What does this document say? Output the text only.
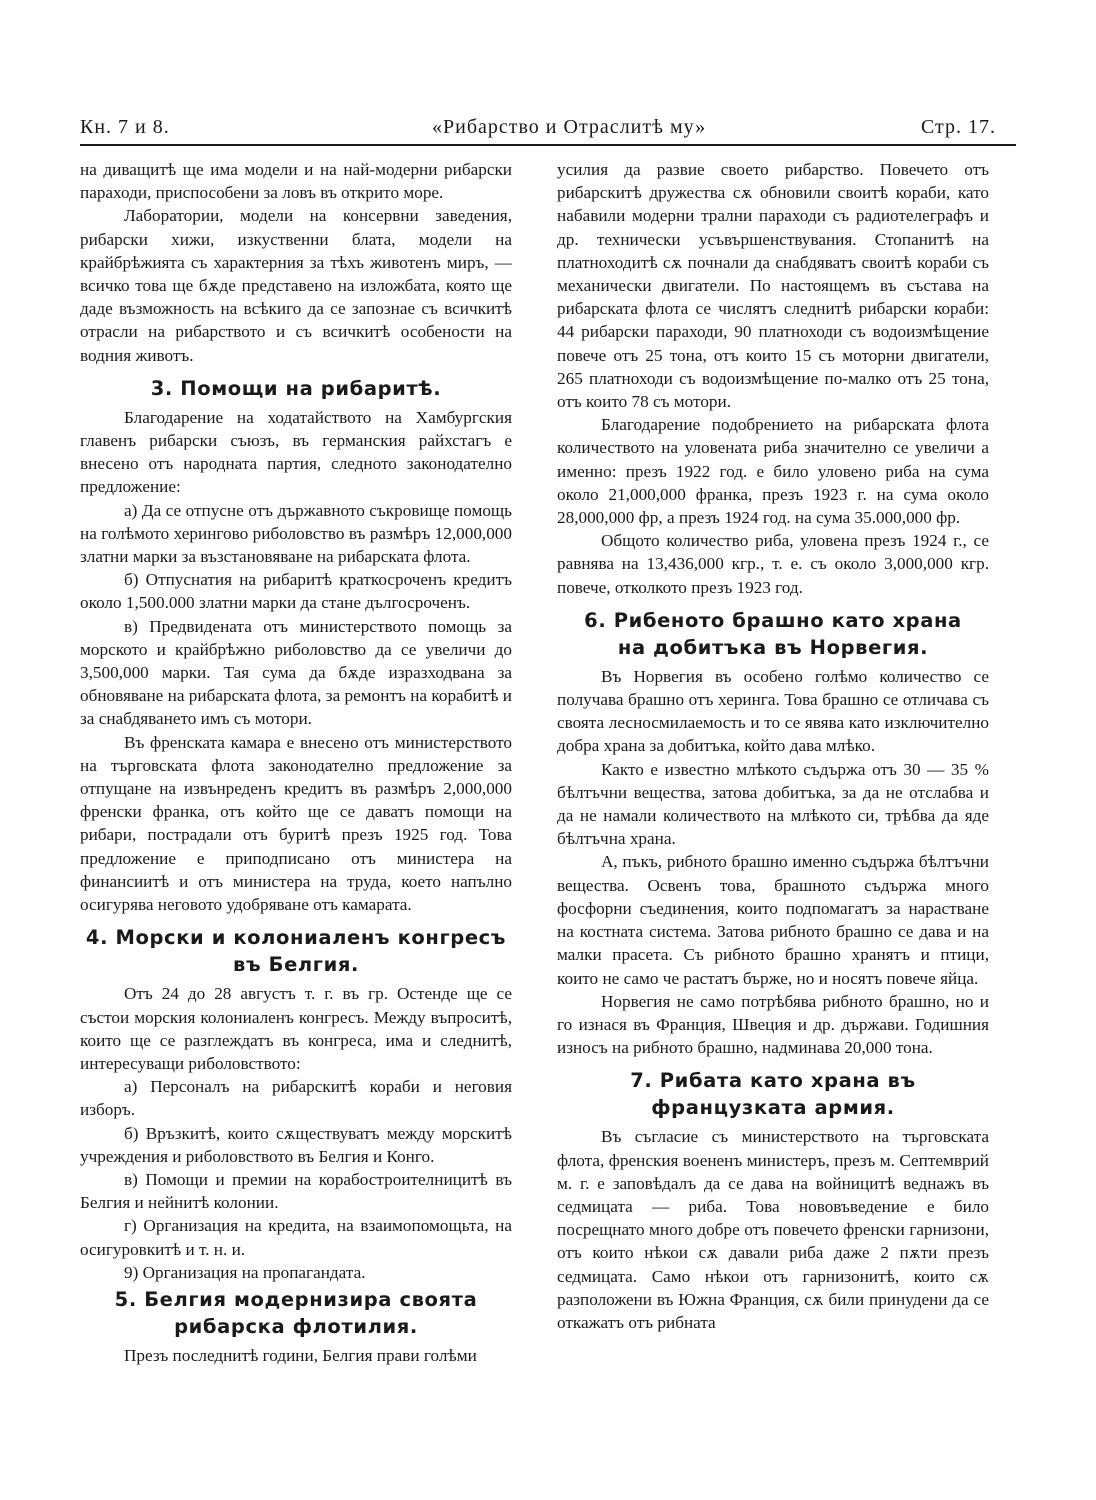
Кн. 7 и 8.	«Рибарство и Отраслитѣ му»	Стр. 17.

на диващитѣ ще има модели и на най-модерни рибарски параходи, приспособени за ловъ въ открито море.

Лаборатории, модели на консервни заведения, рибарски хижи, изкуственни блата, модели на крайбрѣжията съ характерния за тѣхъ животенъ миръ, — всичко това ще бѫде представено на изложбата, която ще даде възможность на всѣкиго да се запознае съ всичкитѣ отрасли на рибарството и съ всичкитѣ особености на водния животъ.

3. Помощи на рибаритѣ.

Благодарение на ходатайството на Хамбургския главенъ рибарски съюзъ, въ германския райхстагъ е внесено отъ народната партия, следното законодателно предложение:

а) Да се отпусне отъ държавното съкровище помощь на голѣмото херингово риболовство въ размѣръ 12,000,000 златни марки за възстановяване на рибарската флота.

б) Отпуснатия на рибаритѣ краткосроченъ кредитъ около 1,500.000 златни марки да стане дългосроченъ.

в) Предвидената отъ министерството помощь за морското и крайбрѣжно риболовство да се увеличи до 3,500,000 марки. Тая сума да бѫде изразходвана за обновяване на рибарската флота, за ремонтъ на корабитѣ и за снабдяването имъ съ мотори.

Въ френската камара е внесено отъ министерството на търговската флота законодателно предложение за отпущане на извънреденъ кредитъ въ размѣръ 2,000,000 френски франка, отъ който ще се даватъ помощи на рибари, пострадали отъ буритѣ презъ 1925 год. Това предложение е приподписано отъ министера на финансиитѣ и отъ министера на труда, което напълно осигурява неговото удобряване отъ камарата.

4. Морски и колониаленъ конгресъ
въ Белгия.

Отъ 24 до 28 августъ т. г. въ гр. Остенде ще се състои морския колониаленъ конгресъ. Между въпроситѣ, които ще се разглеждатъ въ конгреса, има и следнитѣ, интересуващи риболовството:

а) Персоналъ на рибарскитѣ кораби и неговия изборъ.

б) Връзкитѣ, които сѫществуватъ между морскитѣ учреждения и риболовството въ Белгия и Конго.

в) Помощи и премии на корабостроителницитѣ въ Белгия и нейнитѣ колонии.

г) Организация на кредита, на взаимопомощьта, на осигуровкитѣ и т. н. и.

9) Организация на пропагандата.

5. Белгия модернизира своята рибарска флотилия.

Презъ последнитѣ години, Белгия прави голѣми

усилия да развие своето рибарство. Повечето отъ рибарскитѣ дружества сѫ обновили своитѣ кораби, като набавили модерни трални параходи съ радиотелеграфъ и др. технически усъвършенствувания. Стопанитѣ на платноходитѣ сѫ почнали да снабдяватъ своитѣ кораби съ механически двигатели. По настоящемъ въ състава на рибарската флота се числятъ следнитѣ рибарски кораби: 44 рибарски параходи, 90 платноходи съ водоизмѣщение повече отъ 25 тона, отъ които 15 съ моторни двигатели, 265 платноходи съ водоизмѣщение по-малко отъ 25 тона, отъ които 78 съ мотори.

Благодарение подобрението на рибарската флота количеството на уловената риба значително се увеличи а именно: презъ 1922 год. е било уловено риба на сума около 21,000,000 франка, презъ 1923 г. на сума около 28,000,000 фр, а презъ 1924 год. на сума 35.000,000 фр.

Общото количество риба, уловена презъ 1924 г., се равнява на 13,436,000 кгр., т. е. съ около 3,000,000 кгр. повече, отколкото презъ 1923 год.

6. Рибеното брашно като храна
на добитъка въ Норвегия.

Въ Норвегия въ особено голѣмо количество се получава брашно отъ херинга. Това брашно се отличава съ своята лесносмилаемость и то се явява като изключително добра храна за добитъка, който дава млѣко.

Както е известно млѣкото съдържа отъ 30 — 35 % бѣлтъчни вещества, затова добитъка, за да не отслабва и да не намали количеството на млѣкото си, трѣбва да яде бѣлтъчна храна.

А, пъкъ, рибното брашно именно съдържа бѣлтъчни вещества. Освенъ това, брашното съдържа много фосфорни съединения, които подпомагатъ за нарастване на костната система. Затова рибното брашно се дава и на малки прасета. Съ рибното брашно хранятъ и птици, които не само че растатъ бърже, но и носятъ повече яйца.

Норвегия не само потрѣбява рибното брашно, но и го изнася въ Франция, Швеция и др. държави. Годишния износъ на рибното брашно, надминава 20,000 тона.

7. Рибата като храна въ
французката армия.

Въ съгласие съ министерството на търговската флота, френския воененъ министеръ, презъ м. Септемврий м. г. е заповѣдалъ да се дава на войницитѣ веднажъ въ седмицата — риба. Това нововъведение е било посрещнато много добре отъ повечето френски гарнизони, отъ които нѣкои сѫ давали риба даже 2 пѫти презъ седмицата. Само нѣкои отъ гарнизонитѣ, които сѫ разположени въ Южна Франция, сѫ били принудени да се откажатъ отъ рибната
